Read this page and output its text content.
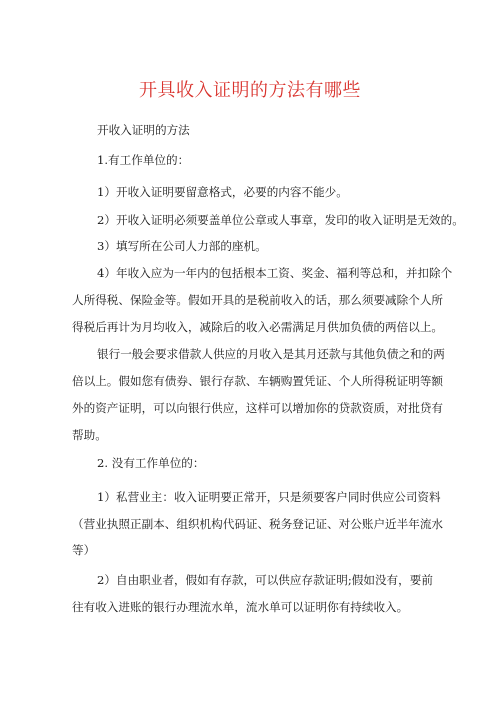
开具收入证明的方法有哪些
开收入证明的方法
1.有工作单位的：
1）开收入证明要留意格式，必要的内容不能少。
2）开收入证明必须要盖单位公章或人事章，发印的收入证明是无效的。
3）填写所在公司人力部的座机。
4）年收入应为一年内的包括根本工资、奖金、福利等总和，并扣除个
人所得税、保险金等。假如开具的是税前收入的话，那么须要减除个人所
得税后再计为月均收入，减除后的收入必需满足月供加负债的两倍以上。
银行一般会要求借款人供应的月收入是其月还款与其他负债之和的两
倍以上。假如您有债券、银行存款、车辆购置凭证、个人所得税证明等额
外的资产证明，可以向银行供应，这样可以增加你的贷款资质，对批贷有
帮助。
2. 没有工作单位的：
1）私营业主：收入证明要正常开，只是须要客户同时供应公司资料
（营业执照正副本、组织机构代码证、税务登记证、对公账户近半年流水
等）
2）自由职业者，假如有存款，可以供应存款证明;假如没有，要前
往有收入进账的银行办理流水单，流水单可以证明你有持续收入。
